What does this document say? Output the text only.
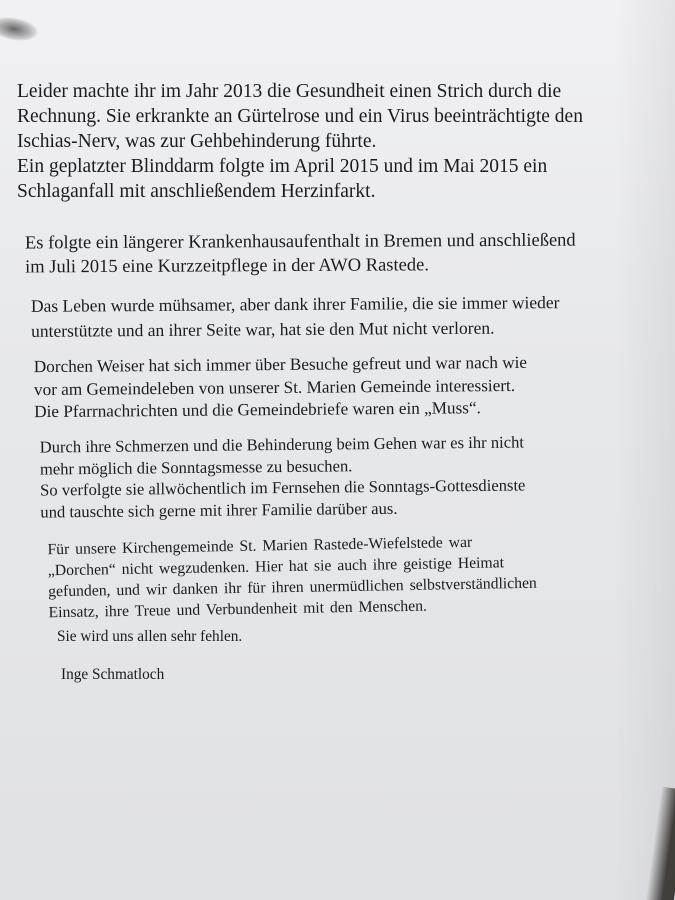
Leider machte ihr im Jahr 2013 die Gesundheit einen Strich durch die
Rechnung. Sie erkrankte an Gürtelrose und ein Virus beeinträchtigte den
Ischias-Nerv, was zur Gehbehinderung führte.
Ein geplatzter Blinddarm folgte im April 2015 und im Mai 2015 ein
Schlaganfall mit anschließendem Herzinfarkt.

Es folgte ein längerer Krankenhausaufenthalt in Bremen und anschließend
im Juli 2015 eine Kurzzeitpflege in der AWO Rastede.

Das Leben wurde mühsamer, aber dank ihrer Familie, die sie immer wieder
unterstützte und an ihrer Seite war, hat sie den Mut nicht verloren.

Dorchen Weiser hat sich immer über Besuche gefreut und war nach wie
vor am Gemeindeleben von unserer St. Marien Gemeinde interessiert.
Die Pfarrnachrichten und die Gemeindebriefe waren ein „Muss“.

Durch ihre Schmerzen und die Behinderung beim Gehen war es ihr nicht
mehr möglich die Sonntagsmesse zu besuchen.
So verfolgte sie allwöchentlich im Fernsehen die Sonntags-Gottesdienste
und tauschte sich gerne mit ihrer Familie darüber aus.

Für unsere Kirchengemeinde St. Marien Rastede-Wiefelstede war
„Dorchen“ nicht wegzudenken. Hier hat sie auch ihre geistige Heimat
gefunden, und wir danken ihr für ihren unermüdlichen selbstverständlichen
Einsatz, ihre Treue und Verbundenheit mit den Menschen.

Sie wird uns allen sehr fehlen.

Inge Schmatloch
